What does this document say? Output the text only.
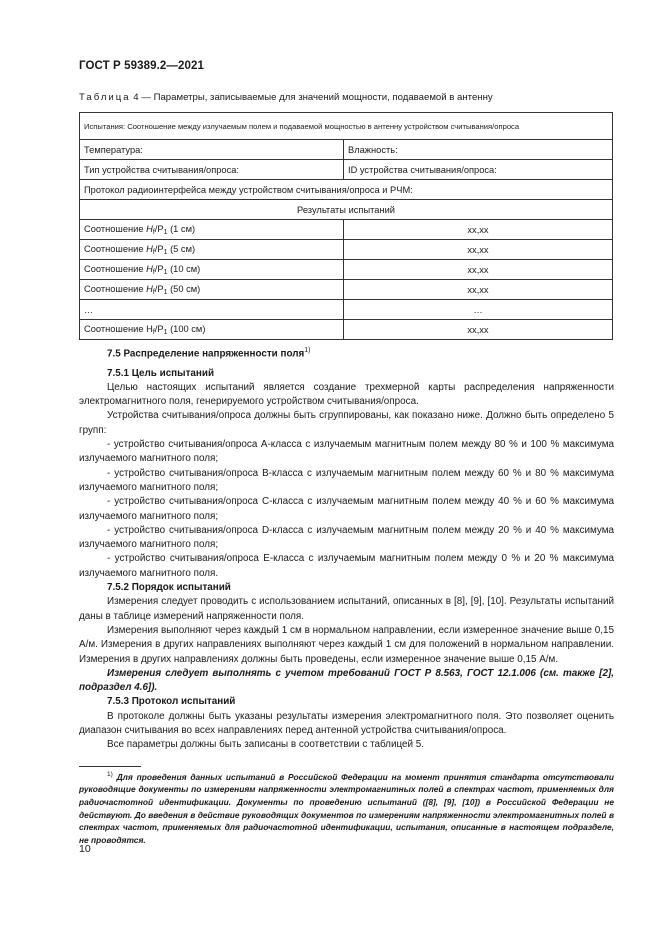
ГОСТ Р 59389.2—2021
Таблица 4 — Параметры, записываемые для значений мощности, подаваемой в антенну
Испытания: Соотношение между излучаемым полем и подаваемой мощностью в антенну устройством считывания/опроса	
Температура:	Влажность:
Тип устройства считывания/опроса:	ID устройства считывания/опроса:
Протокол радиоинтерфейса между устройством считывания/опроса и РЧМ:	
Результаты испытаний	
Соотношение $H_f/P_1$ (1 см)	xx,xx
Соотношение $H_f/P_1$ (5 см)	xx,xx
Соотношение $H_f/P_1$ (10 см)	xx,xx
Соотношение $H_f/P_1$ (50 см)	xx,xx
…	…
Соотношение $H_f/P_1$ (100 см)	xx,xx

7.5 Распределение напряженности поля$^{1)}$

7.5.1 Цель испытаний

Целью настоящих испытаний является создание трехмерной карты распределения напряженности электромагнитного поля, генерируемого устройством считывания/опроса.

Устройства считывания/опроса должны быть сгруппированы, как показано ниже. Должно быть определено 5 групп:

- устройство считывания/опроса A-класса с излучаемым магнитным полем между 80 % и 100 % максимума излучаемого магнитного поля;

- устройство считывания/опроса B-класса с излучаемым магнитным полем между 60 % и 80 % максимума излучаемого магнитного поля;

- устройство считывания/опроса C-класса с излучаемым магнитным полем между 40 % и 60 % максимума излучаемого магнитного поля;

- устройство считывания/опроса D-класса с излучаемым магнитным полем между 20 % и 40 % максимума излучаемого магнитного поля;

- устройство считывания/опроса E-класса с излучаемым магнитным полем между 0 % и 20 % максимума излучаемого магнитного поля.

7.5.2 Порядок испытаний

Измерения следует проводить с использованием испытаний, описанных в [8], [9], [10]. Результаты испытаний даны в таблице измерений напряженности поля.

Измерения выполняют через каждый 1 см в нормальном направлении, если измеренное значение выше 0,15 А/м. Измерения в других направлениях выполняют через каждый 1 см для положений в нормальном направлении. Измерения в других направлениях должны быть проведены, если измеренное значение выше 0,15 А/м.

Измерения следует выполнять с учетом требований ГОСТ Р 8.563, ГОСТ 12.1.006 (см. также [2], подраздел 4.6]).

7.5.3 Протокол испытаний

В протоколе должны быть указаны результаты измерения электромагнитного поля. Это позволяет оценить диапазон считывания во всех направлениях перед антенной устройства считывания/опроса.

Все параметры должны быть записаны в соответствии с таблицей 5.

$^{1)}$ Для проведения данных испытаний в Российской Федерации на момент принятия стандарта отсутствовали руководящие документы по измерениям напряженности электромагнитных полей в спектрах частот, применяемых для радиочастотной идентификации. Документы по проведению испытаний ([8], [9], [10]) в Российской Федерации не действуют. До введения в действие руководящих документов по измерениям напряженности электромагнитных полей в спектрах частот, применяемых для радиочастотной идентификации, испытания, описанные в настоящем подразделе, не проводятся.
10
